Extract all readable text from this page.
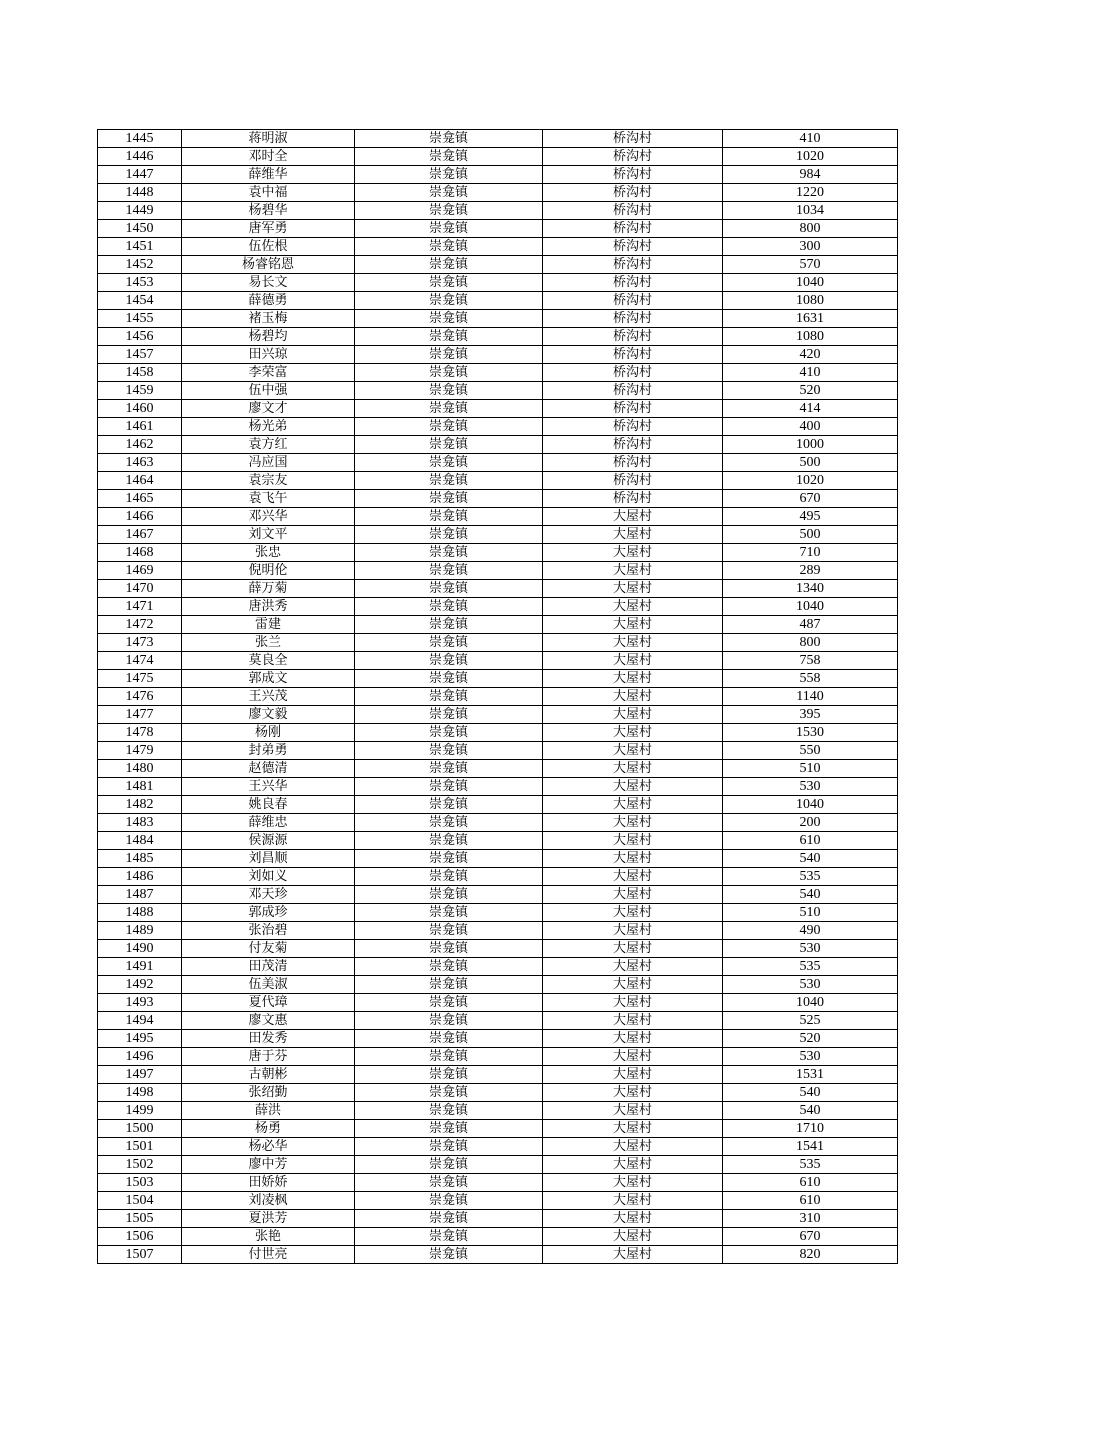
1445	蒋明淑	崇龛镇	桥沟村	410
1446	邓时全	崇龛镇	桥沟村	1020
1447	薛维华	崇龛镇	桥沟村	984
1448	袁中福	崇龛镇	桥沟村	1220
1449	杨碧华	崇龛镇	桥沟村	1034
1450	唐军勇	崇龛镇	桥沟村	800
1451	伍佐根	崇龛镇	桥沟村	300
1452	杨睿铭恩	崇龛镇	桥沟村	570
1453	易长文	崇龛镇	桥沟村	1040
1454	薛德勇	崇龛镇	桥沟村	1080
1455	褚玉梅	崇龛镇	桥沟村	1631
1456	杨碧均	崇龛镇	桥沟村	1080
1457	田兴琼	崇龛镇	桥沟村	420
1458	李荣富	崇龛镇	桥沟村	410
1459	伍中强	崇龛镇	桥沟村	520
1460	廖文才	崇龛镇	桥沟村	414
1461	杨光弟	崇龛镇	桥沟村	400
1462	袁方红	崇龛镇	桥沟村	1000
1463	冯应国	崇龛镇	桥沟村	500
1464	袁宗友	崇龛镇	桥沟村	1020
1465	袁飞午	崇龛镇	桥沟村	670
1466	邓兴华	崇龛镇	大屋村	495
1467	刘文平	崇龛镇	大屋村	500
1468	张忠	崇龛镇	大屋村	710
1469	倪明伦	崇龛镇	大屋村	289
1470	薛万菊	崇龛镇	大屋村	1340
1471	唐洪秀	崇龛镇	大屋村	1040
1472	雷建	崇龛镇	大屋村	487
1473	张兰	崇龛镇	大屋村	800
1474	莫良全	崇龛镇	大屋村	758
1475	郭成文	崇龛镇	大屋村	558
1476	王兴茂	崇龛镇	大屋村	1140
1477	廖文毅	崇龛镇	大屋村	395
1478	杨刚	崇龛镇	大屋村	1530
1479	封弟勇	崇龛镇	大屋村	550
1480	赵德清	崇龛镇	大屋村	510
1481	王兴华	崇龛镇	大屋村	530
1482	姚良春	崇龛镇	大屋村	1040
1483	薛维忠	崇龛镇	大屋村	200
1484	侯源源	崇龛镇	大屋村	610
1485	刘昌顺	崇龛镇	大屋村	540
1486	刘如义	崇龛镇	大屋村	535
1487	邓天珍	崇龛镇	大屋村	540
1488	郭成珍	崇龛镇	大屋村	510
1489	张治碧	崇龛镇	大屋村	490
1490	付友菊	崇龛镇	大屋村	530
1491	田茂清	崇龛镇	大屋村	535
1492	伍美淑	崇龛镇	大屋村	530
1493	夏代璋	崇龛镇	大屋村	1040
1494	廖文惠	崇龛镇	大屋村	525
1495	田发秀	崇龛镇	大屋村	520
1496	唐于芬	崇龛镇	大屋村	530
1497	古朝彬	崇龛镇	大屋村	1531
1498	张绍勤	崇龛镇	大屋村	540
1499	薛洪	崇龛镇	大屋村	540
1500	杨勇	崇龛镇	大屋村	1710
1501	杨必华	崇龛镇	大屋村	1541
1502	廖中芳	崇龛镇	大屋村	535
1503	田娇娇	崇龛镇	大屋村	610
1504	刘凌枫	崇龛镇	大屋村	610
1505	夏洪芳	崇龛镇	大屋村	310
1506	张艳	崇龛镇	大屋村	670
1507	付世亮	崇龛镇	大屋村	820
